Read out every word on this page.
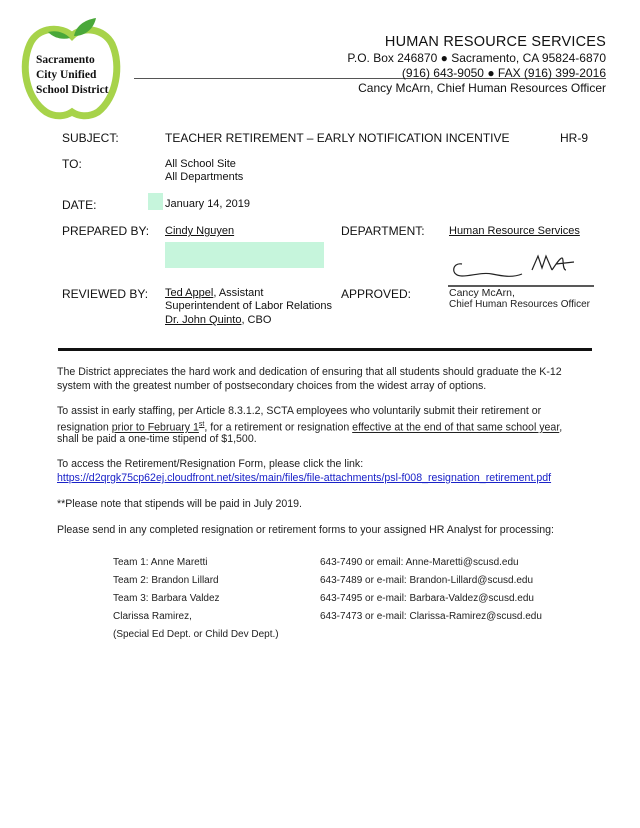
Sacramento
City Unified
School District
HUMAN RESOURCE SERVICES
P.O. Box 246870 ● Sacramento, CA 95824-6870
(916) 643-9050 ● FAX (916) 399-2016
Cancy McArn, Chief Human Resources Officer
SUBJECT:	TEACHER RETIREMENT – EARLY NOTIFICATION INCENTIVE	HR-9
TO:	All School Site
All Departments
DATE:	January 14, 2019
PREPARED BY: Cindy Nguyen	DEPARTMENT: Human Resource Services
REVIEWED BY: Ted Appel, Assistant
Superintendent of Labor Relations
Dr. John Quinto, CBO
APPROVED:	Cancy McArn,
Chief Human Resources Officer
The District appreciates the hard work and dedication of ensuring that all students should graduate the K-12
system with the greatest number of postsecondary choices from the widest array of options.
To assist in early staffing, per Article 8.3.1.2, SCTA employees who voluntarily submit their retirement or
resignation prior to February 1st, for a retirement or resignation effective at the end of that same school year,
shall be paid a one-time stipend of $1,500.
To access the Retirement/Resignation Form, please click the link:
https://d2qrgk75cp62ej.cloudfront.net/sites/main/files/file-attachments/psl-f008_resignation_retirement.pdf
**Please note that stipends will be paid in July 2019.
Please send in any completed resignation or retirement forms to your assigned HR Analyst for processing:
Team 1: Anne Maretti	643-7490 or email: Anne-Maretti@scusd.edu
Team 2: Brandon Lillard	643-7489 or e-mail: Brandon-Lillard@scusd.edu
Team 3: Barbara Valdez	643-7495 or e-mail: Barbara-Valdez@scusd.edu
Clarissa Ramirez,	643-7473 or e-mail: Clarissa-Ramirez@scusd.edu
(Special Ed Dept. or Child Dev Dept.)
